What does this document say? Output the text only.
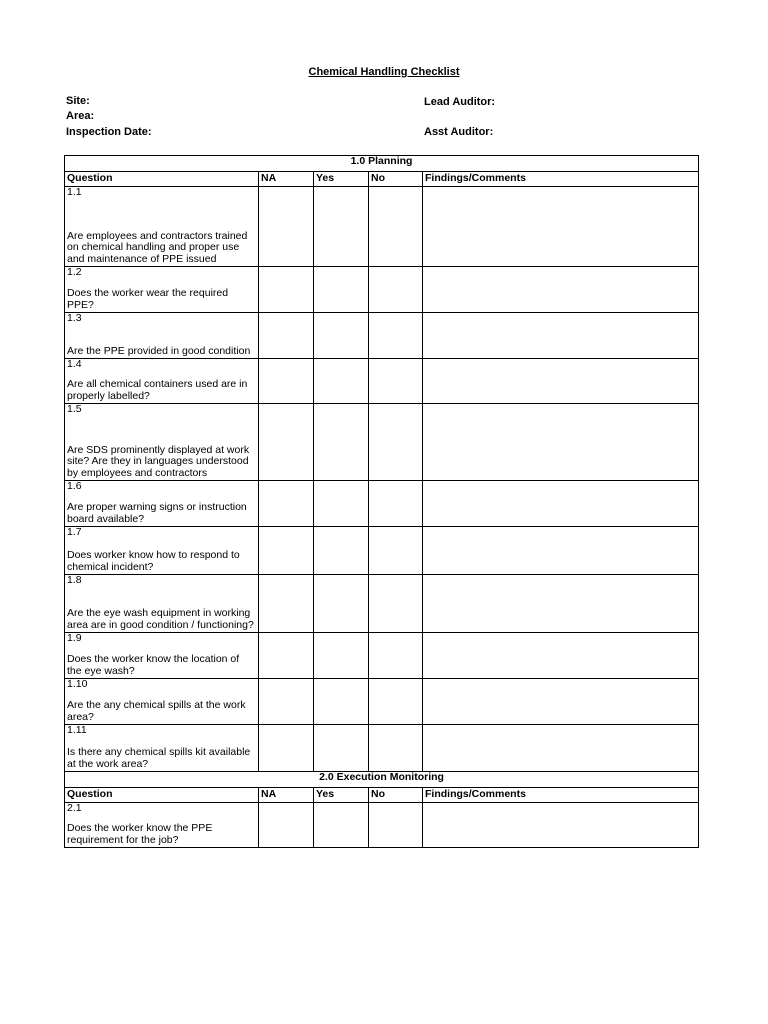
Chemical Handling Checklist
Site:
Area:
Inspection Date:
Lead Auditor:
Asst Auditor:
1.0 Planning				
Question	NA	Yes	No	Findings/Comments

1.1
Are employees and contractors trained on chemical handling and proper use and maintenance of PPE issued				

1.2
Does the worker wear the required PPE?				

1.3
Are the PPE provided in good condition				

1.4
Are all chemical containers used are in properly labelled?				

1.5
Are SDS prominently displayed at work site? Are they in languages understood by employees and contractors				

1.6
Are proper warning signs or instruction board available?				

1.7
Does worker know how to respond to chemical incident?				

1.8
Are the eye wash equipment in working area are in good condition / functioning?				

1.9
Does the worker know the location of the eye wash?				

1.10
Are the any chemical spills at the work area?				

1.11
Is there any chemical spills kit available at the work area?				

2.0 Execution Monitoring				
Question	NA	Yes	No	Findings/Comments

2.1
Does the worker know the PPE requirement for the job?				
